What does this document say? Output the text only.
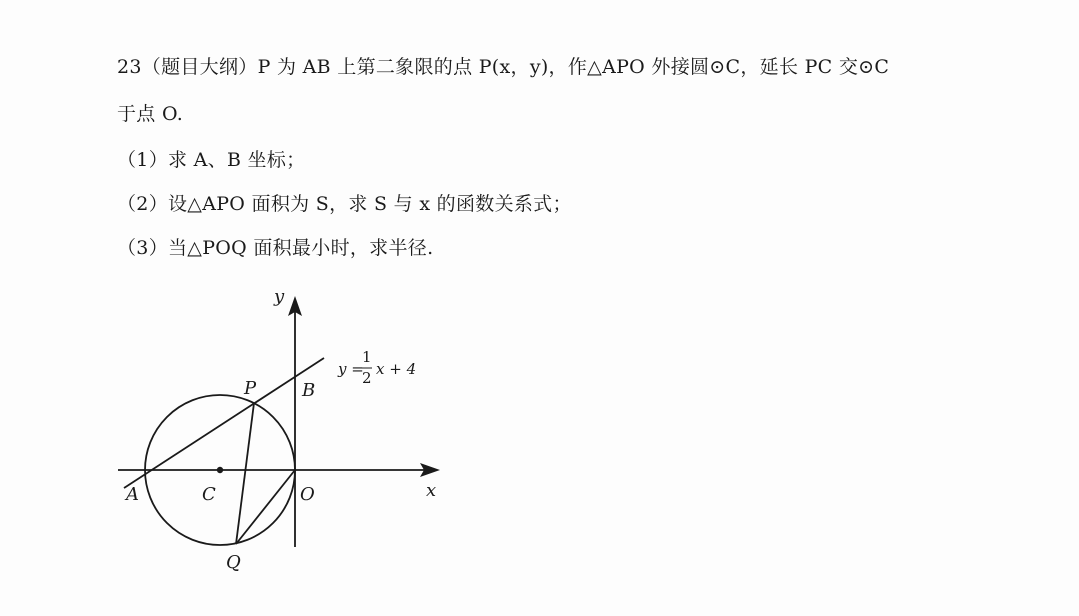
23（题目大纲）P 为 AB 上第二象限的点 P(x，y)，作△APO 外接圆⊙C，延长 PC 交⊙C
于点 O.
（1）求 A、B 坐标；
（2）设△APO 面积为 S，求 S 与 x 的函数关系式；
（3）当△POQ 面积最小时，求半径.
y
x
A
B
C	O
P
Q
y =
1
2 x + 4
